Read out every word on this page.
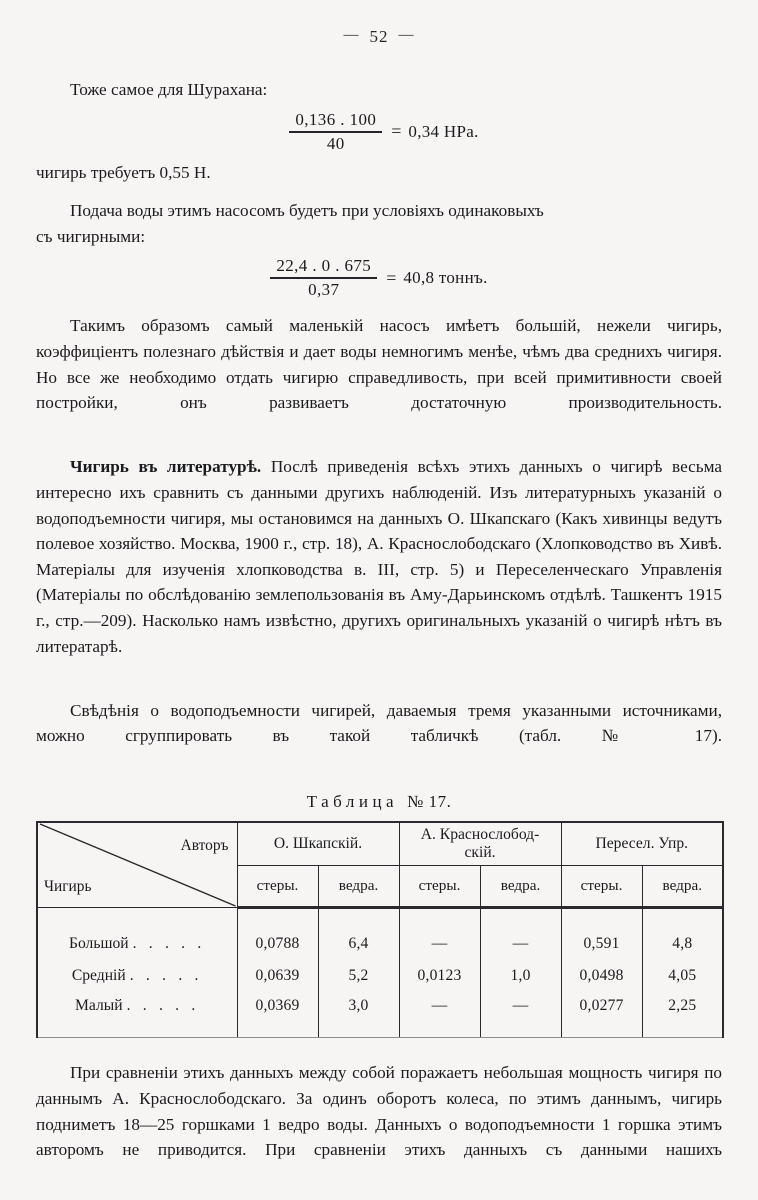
— 52 —

Тоже самое для Шурахана:

$\frac{0,136 . 100}{40} = 0,34$ HPa.

чигирь требуетъ 0,55 Н.

Подача воды этимъ насосомъ будетъ при условіяхъ одинаковыхъ

съ чигирными:

$\frac{22,4 . 0 . 675}{0,37} = 40,8$ тоннъ.

Такимъ образомъ самый маленькій насосъ имѣетъ большій, нежели чигирь, коэффиціентъ полезнаго дѣйствія и дает воды немногимъ менѣе, чѣмъ два среднихъ чигиря. Но все же необходимо отдать чигирю справедливость, при всей примитивности своей постройки, онъ развиваетъ достаточную производительность.

Чигирь въ литературѣ. Послѣ приведенія всѣхъ этихъ данныхъ о чигирѣ весьма интересно ихъ сравнить съ данными другихъ наблюденій. Изъ литературныхъ указаній о водоподъемности чигиря, мы остановимся на данныхъ О. Шкапскаго (Какъ хивинцы ведутъ полевое хозяйство. Москва, 1900 г., стр. 18), А. Краснослободскаго (Хлопководство въ Хивѣ. Матеріалы для изученія хлопководства в. III, стр. 5) и Переселенческаго Управленія (Матеріалы по обслѣдованію землепользованія въ Аму-Дарьинскомъ отдѣлѣ. Ташкентъ 1915 г., стр.—209). Насколько намъ извѣстно, другихъ оригинальныхъ указаній о чигирѣ нѣтъ въ литератарѣ.

Свѣдѣнія о водоподъемности чигирей, даваемыя тремя указанными источниками, можно сгруппировать въ такой табличкѣ (табл. № 17).

Таблица № 17.
Авторъ
Чигирь	О. Шкапскій.		А. Краснослобод-
скій.		Пересел. Упр.	
	стеры.	ведра.	стеры.	ведра.	стеры.	ведра.
Большой . . . . .	0,0788	6,4	—	—	0,591	4,8
Средній . . . . .	0,0639	5,2	0,0123	1,0	0,0498	4,05
Малый . . . . .	0,0369	3,0	—	—	0,0277	2,25

При сравненіи этихъ данныхъ между собой поражаетъ небольшая мощность чигиря по даннымъ А. Краснослободскаго. За одинъ оборотъ колеса, по этимъ даннымъ, чигирь подниметъ 18—25 горшками 1 ведро воды. Данныхъ о водоподъемности 1 горшка этимъ авторомъ не приводится. При сравненіи этихъ данныхъ съ данными нашихъ
